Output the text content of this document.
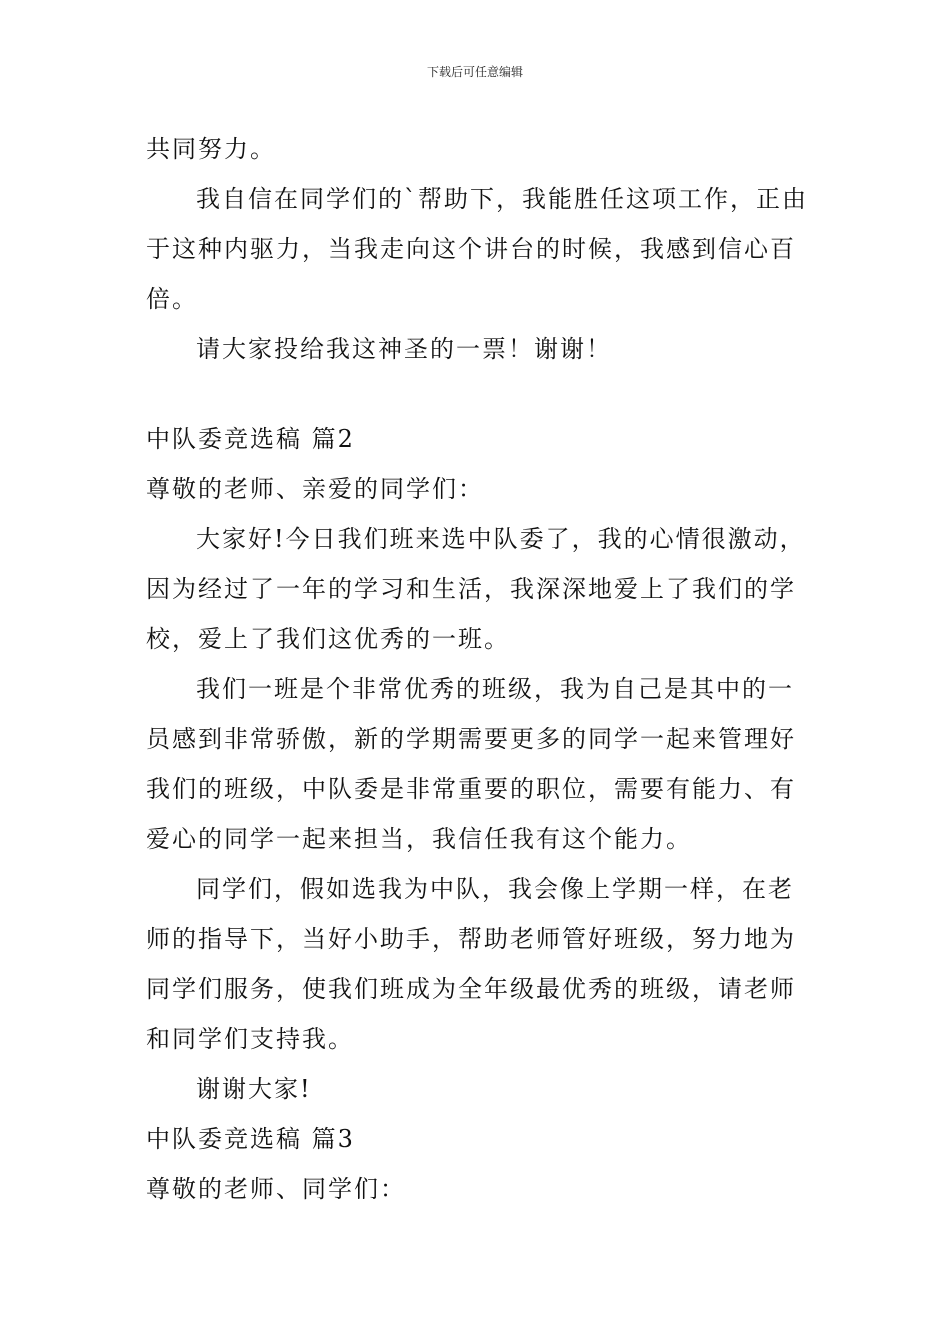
下载后可任意编辑
共同努力。
我自信在同学们的`帮助下，我能胜任这项工作，正由
于这种内驱力，当我走向这个讲台的时候，我感到信心百
倍。
请大家投给我这神圣的一票！谢谢！
中队委竞选稿 篇2
尊敬的老师、亲爱的同学们：
大家好!今日我们班来选中队委了，我的心情很激动，
因为经过了一年的学习和生活，我深深地爱上了我们的学
校，爱上了我们这优秀的一班。
我们一班是个非常优秀的班级，我为自己是其中的一
员感到非常骄傲，新的学期需要更多的同学一起来管理好
我们的班级，中队委是非常重要的职位，需要有能力、有
爱心的同学一起来担当，我信任我有这个能力。
同学们，假如选我为中队，我会像上学期一样，在老
师的指导下，当好小助手，帮助老师管好班级，努力地为
同学们服务，使我们班成为全年级最优秀的班级，请老师
和同学们支持我。
谢谢大家!
中队委竞选稿 篇3
尊敬的老师、同学们：
